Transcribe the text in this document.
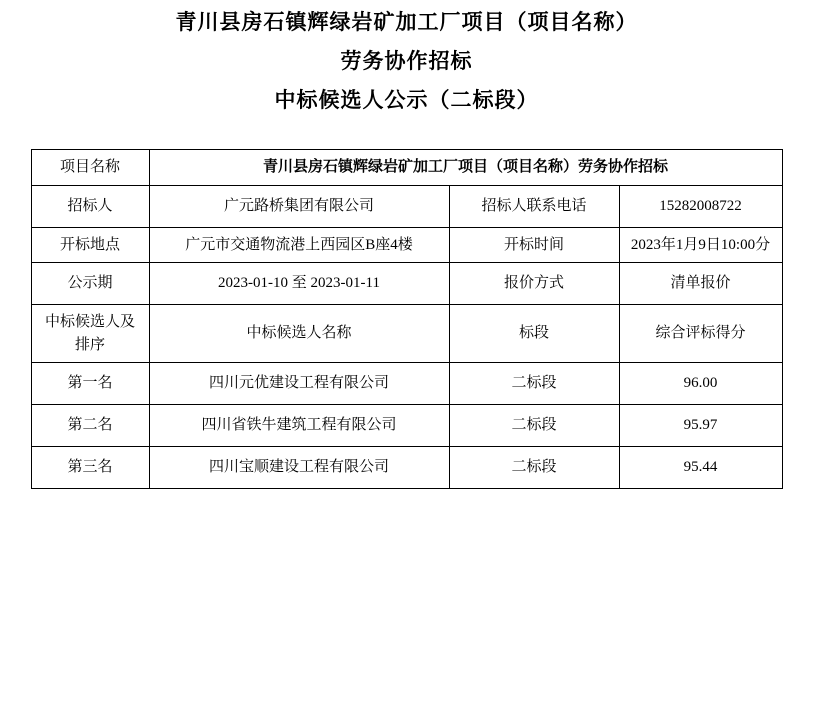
青川县房石镇辉绿岩矿加工厂项目（项目名称）
劳务协作招标
中标候选人公示（二标段）
项目名称	青川县房石镇辉绿岩矿加工厂项目（项目名称）劳务协作招标		
招标人	广元路桥集团有限公司	招标人联系电话	15282008722
开标地点	广元市交通物流港上西园区B座4楼	开标时间	2023年1月9日10:00分
公示期	2023-01-10 至 2023-01-11	报价方式	清单报价
中标候选人及排序	中标候选人名称	标段	综合评标得分
第一名	四川元优建设工程有限公司	二标段	96.00
第二名	四川省铁牛建筑工程有限公司	二标段	95.97
第三名	四川宝顺建设工程有限公司	二标段	95.44
